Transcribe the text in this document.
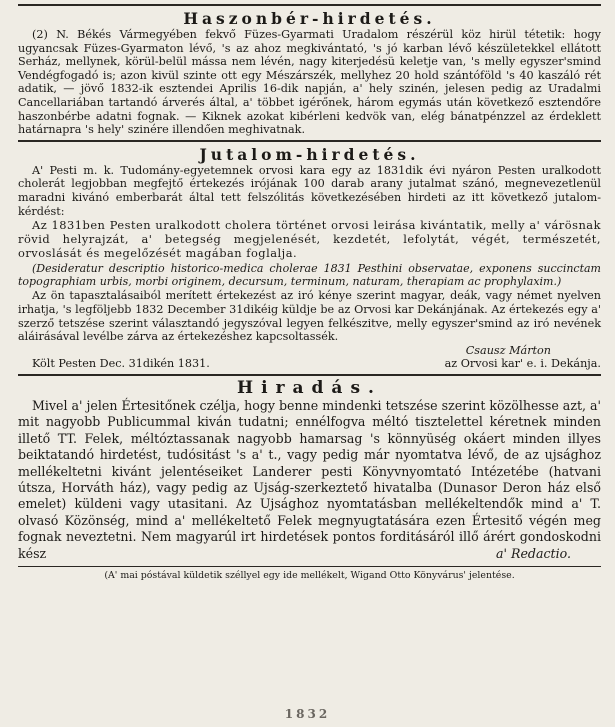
Haszonbér-hirdetés.

(2) N. Békés Vármegyében fekvő Füzes-Gyarmati Uradalom részérül köz hirül tétetik: hogy ugyancsak Füzes-Gyarmaton lévő, 's az ahoz megkivántató, 's jó karban lévő készületekkel ellátott Serház, mellynek, körül-belül mássa nem lévén, nagy kiterjedésü keletje van, 's melly egyszer'smind Vendégfogadó is; azon kivül szinte ott egy Mészárszék, mellyhez 20 hold szántóföld 's 40 kaszáló rét adatik, — jövő 1832-ik esztendei Aprilis 16-dik napján, a' hely szinén, jelesen pedig az Uradalmi Cancellariában tartandó árverés által, a' többet igérőnek, három egymás után következő esztendőre haszonbérbe adatni fognak. — Kiknek azokat kibérleni kedvök van, elég bánatpénzzel az érdeklett határnapra 's hely' szinére illendően meghivatnak.

Jutalom-hirdetés.

A' Pesti m. k. Tudomány-egyetemnek orvosi kara egy az 1831dik évi nyáron Pesten uralkodott cholerát legjobban megfejtő értekezés irójának 100 darab arany jutalmat szánó, megnevezetlenül maradni kivánó emberbarát által tett felszólitás következésében hirdeti az itt következő jutalom-kérdést:

Az 1831ben Pesten uralkodott cholera történet orvosi leirása kivántatik, melly a' várösnak rövid helyrajzát, a' betegség megjelenését, kezdetét, lefolytát, végét, természetét, orvoslását és megelőzését magában foglalja.

(Desideratur descriptio historico-medica cholerae 1831 Pesthini observatae, exponens succinctam topographiam urbis, morbi originem, decursum, terminum, naturam, therapiam ac prophylaxim.)

Az ön tapasztalásaiból merített értekezést az iró kénye szerint magyar, deák, vagy német nyelven irhatja, 's legföljebb 1832 December 31dikéig küldje be az Orvosi kar Dekánjának. Az értekezés egy a' szerző tetszése szerint választandó jegyszóval legyen felkészitve, melly egyszer'smind az iró nevének aláirásával levélbe zárva az értekezéshez kapcsoltassék.

Csausz Márton
Költ Pesten Dec. 31dikén 1831.	az Orvosi kar' e. i. Dekánja.
Hiradás.

Mivel a' jelen Értesitőnek czélja, hogy benne mindenki tetszése szerint közölhesse azt, a' mit nagyobb Publicummal kiván tudatni; ennélfogva méltó tisztelettel kéretnek minden illető TT. Felek, méltóztassanak nagyobb hamarsag 's könnyüség okáert minden illyes beiktatandó hirdetést, tudósitást 's a' t., vagy pedig már nyomtatva lévő, de az ujsághoz mellékeltetni kivánt jelentéseiket Landerer pesti Könyvnyomtató Intézetébe (hatvani útsza, Horváth ház), vagy pedig az Ujság-szerkeztető hivatalba (Dunasor Deron ház első emelet) küldeni vagy utasitani. Az Ujsághoz nyomtatásban mellékeltendők mind a' T. olvasó Közönség, mind a' mellékeltető Felek megnyugtatására ezen Értesitő végén meg fognak neveztetni. Nem magyarúl irt hirdetések pontos forditásáról illő árért gondoskodni kész	a' Redactio.

(A' mai póstával küldetik széllyel egy ide mellékelt, Wigand Otto Könyvárus' jelentése.

1832
